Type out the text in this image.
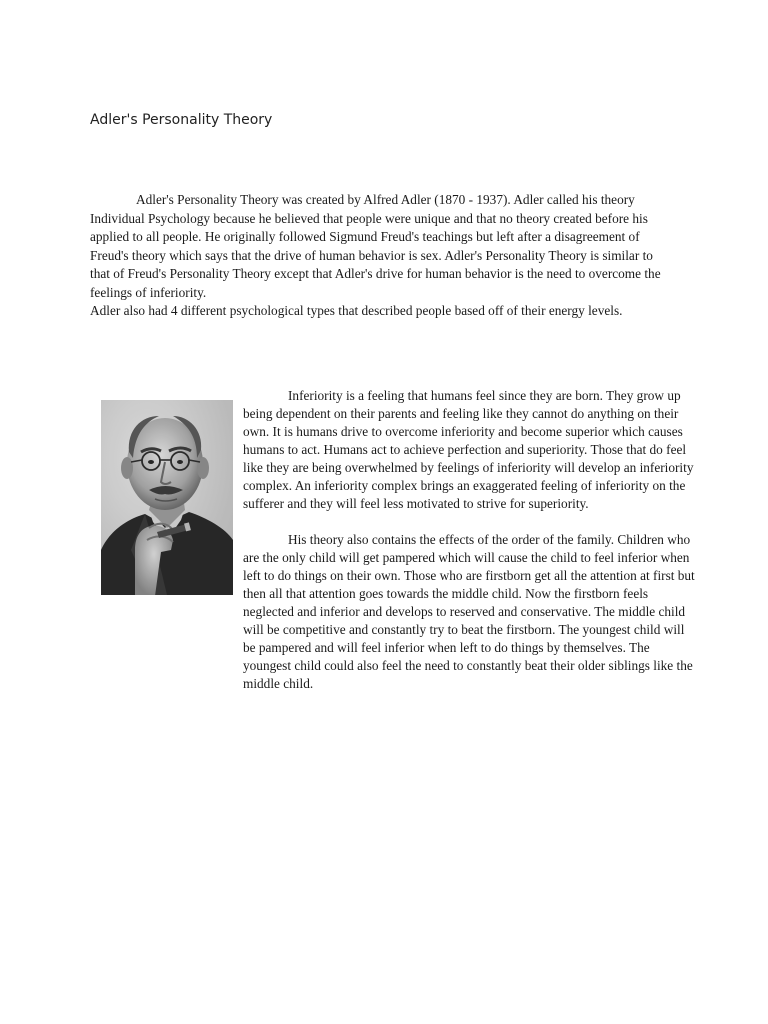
Adler's Personality Theory

Adler's Personality Theory was created by Alfred Adler (1870 - 1937). Adler called his theory Individual Psychology because he believed that people were unique and that no theory created before his applied to all people. He originally followed Sigmund Freud's teachings but left after a disagreement of Freud's theory which says that the drive of human behavior is sex. Adler's Personality Theory is similar to that of Freud's Personality Theory except that Adler's drive for human behavior is the need to overcome the feelings of inferiority.

Adler also had 4 different psychological types that described people based off of their energy levels.

Inferiority is a feeling that humans feel since they are born. They grow up being dependent on their parents and feeling like they cannot do anything on their own. It is humans drive to overcome inferiority and become superior which causes humans to act. Humans act to achieve perfection and superiority. Those that do feel like they are being overwhelmed by feelings of inferiority will develop an inferiority complex. An inferiority complex brings an exaggerated feeling of inferiority on the sufferer and they will feel less motivated to strive for superiority.

His theory also contains the effects of the order of the family. Children who are the only child will get pampered which will cause the child to feel inferior when left to do things on their own. Those who are firstborn get all the attention at first but then all that attention goes towards the middle child. Now the firstborn feels neglected and inferior and develops to reserved and conservative. The middle child will be competitive and constantly try to beat the firstborn. The youngest child will be pampered and will feel inferior when left to do things by themselves. The youngest child could also feel the need to constantly beat their older siblings like the middle child.
